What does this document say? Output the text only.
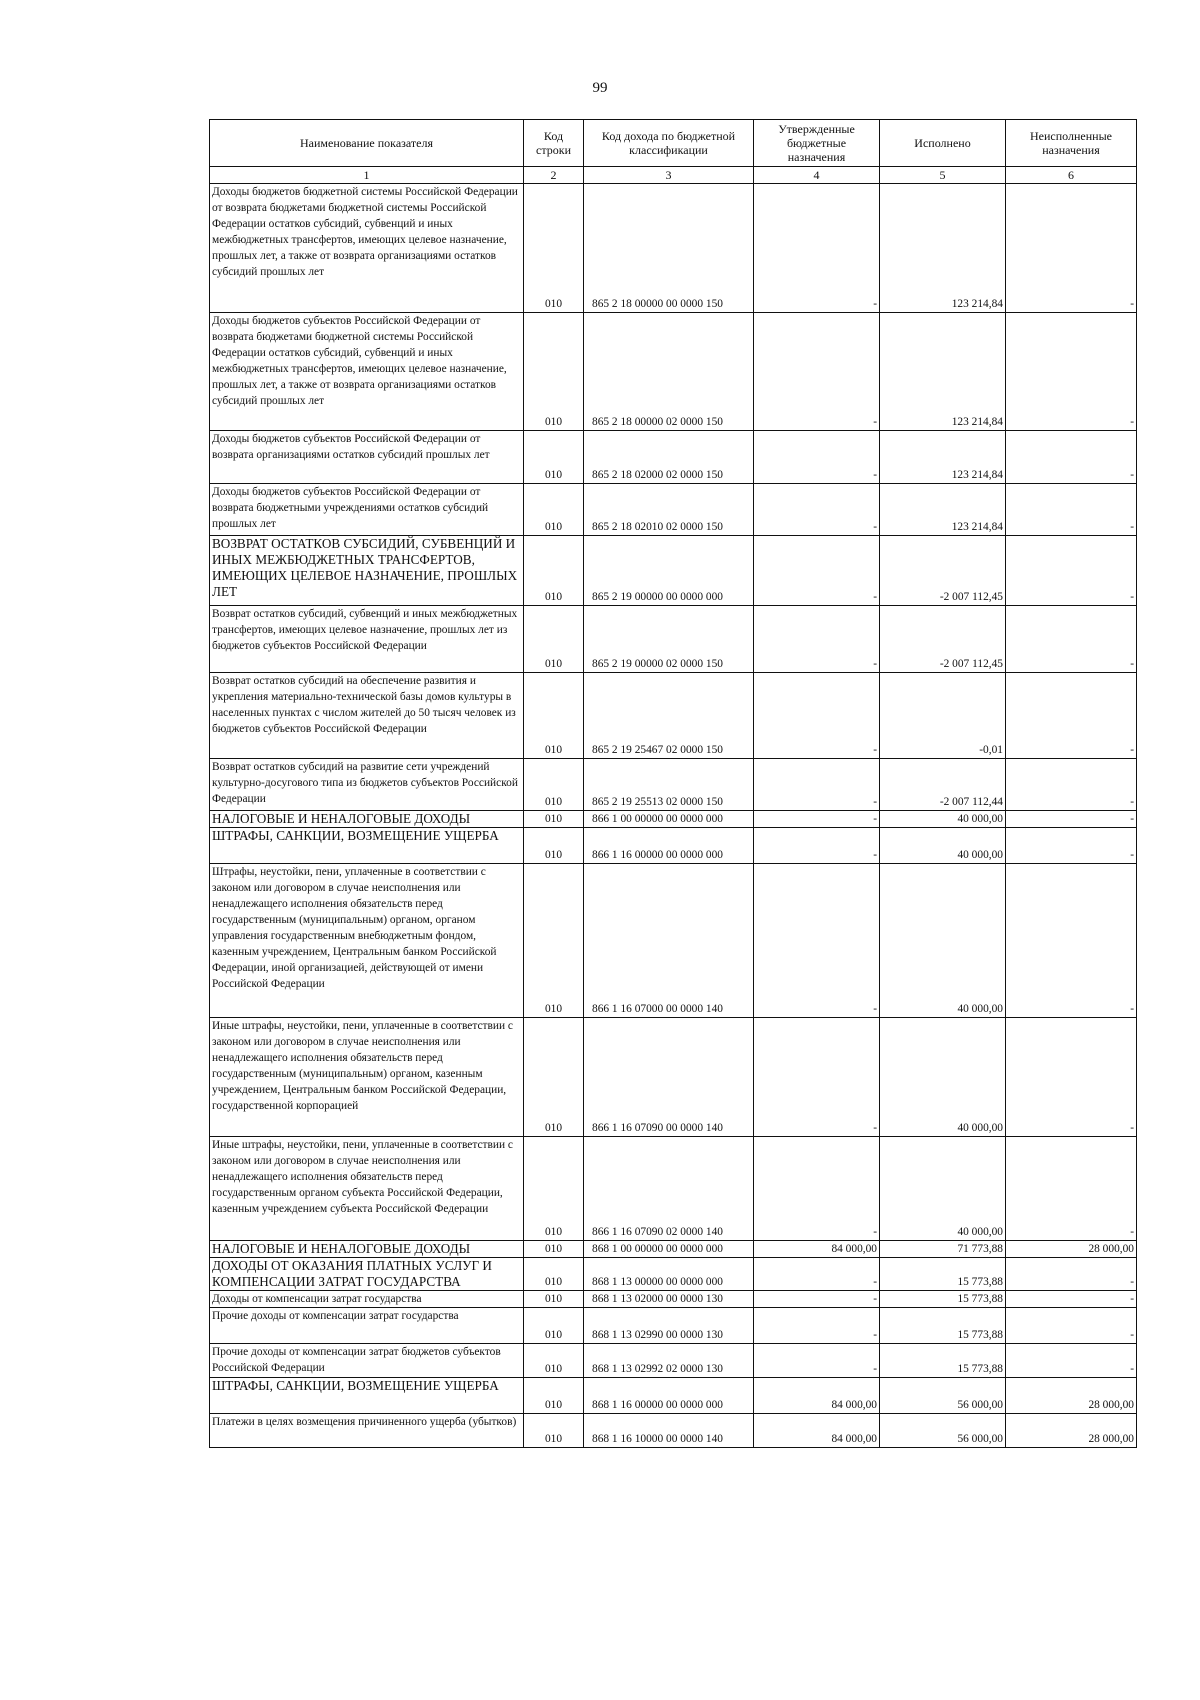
99
Наименование показателя	Код строки	Код дохода по бюджетной классификации	Утвержденные бюджетные назначения	Исполнено	Неисполненные назначения
1	2	3	4	5	6
Доходы бюджетов бюджетной системы Российской Федерации от возврата бюджетами бюджетной системы Российской Федерации остатков субсидий, субвенций и иных межбюджетных трансфертов, имеющих целевое назначение, прошлых лет, а также от возврата организациями остатков субсидий прошлых лет	010	865 2 18 00000 00 0000 150	-	123 214,84	-
Доходы бюджетов субъектов Российской Федерации от возврата бюджетами бюджетной системы Российской Федерации остатков субсидий, субвенций и иных межбюджетных трансфертов, имеющих целевое назначение, прошлых лет, а также от возврата организациями остатков субсидий прошлых лет	010	865 2 18 00000 02 0000 150	-	123 214,84	-
Доходы бюджетов субъектов Российской Федерации от возврата организациями остатков субсидий прошлых лет	010	865 2 18 02000 02 0000 150	-	123 214,84	-
Доходы бюджетов субъектов Российской Федерации от возврата бюджетными учреждениями остатков субсидий прошлых лет	010	865 2 18 02010 02 0000 150	-	123 214,84	-
ВОЗВРАТ ОСТАТКОВ СУБСИДИЙ, СУБВЕНЦИЙ И ИНЫХ МЕЖБЮДЖЕТНЫХ ТРАНСФЕРТОВ, ИМЕЮЩИХ ЦЕЛЕВОЕ НАЗНАЧЕНИЕ, ПРОШЛЫХ ЛЕТ	010	865 2 19 00000 00 0000 000	-	-2 007 112,45	-
Возврат остатков субсидий, субвенций и иных межбюджетных трансфертов, имеющих целевое назначение, прошлых лет из бюджетов субъектов Российской Федерации	010	865 2 19 00000 02 0000 150	-	-2 007 112,45	-
Возврат остатков субсидий на обеспечение развития и укрепления материально-технической базы домов культуры в населенных пунктах с числом жителей до 50 тысяч человек из бюджетов субъектов Российской Федерации	010	865 2 19 25467 02 0000 150	-	-0,01	-
Возврат остатков субсидий на развитие сети учреждений культурно-досугового типа из бюджетов субъектов Российской Федерации	010	865 2 19 25513 02 0000 150	-	-2 007 112,44	-
НАЛОГОВЫЕ И НЕНАЛОГОВЫЕ ДОХОДЫ	010	866 1 00 00000 00 0000 000	-	40 000,00	-
ШТРАФЫ, САНКЦИИ, ВОЗМЕЩЕНИЕ УЩЕРБА	010	866 1 16 00000 00 0000 000	-	40 000,00	-
Штрафы, неустойки, пени, уплаченные в соответствии с законом или договором в случае неисполнения или ненадлежащего исполнения обязательств перед государственным (муниципальным) органом, органом управления государственным внебюджетным фондом, казенным учреждением, Центральным банком Российской Федерации, иной организацией, действующей от имени Российской Федерации	010	866 1 16 07000 00 0000 140	-	40 000,00	-
Иные штрафы, неустойки, пени, уплаченные в соответствии с законом или договором в случае неисполнения или ненадлежащего исполнения обязательств перед государственным (муниципальным) органом, казенным учреждением, Центральным банком Российской Федерации, государственной корпорацией	010	866 1 16 07090 00 0000 140	-	40 000,00	-
Иные штрафы, неустойки, пени, уплаченные в соответствии с законом или договором в случае неисполнения или ненадлежащего исполнения обязательств перед государственным органом субъекта Российской Федерации, казенным учреждением субъекта Российской Федерации	010	866 1 16 07090 02 0000 140	-	40 000,00	-
НАЛОГОВЫЕ И НЕНАЛОГОВЫЕ ДОХОДЫ	010	868 1 00 00000 00 0000 000	84 000,00	71 773,88	28 000,00
ДОХОДЫ ОТ ОКАЗАНИЯ ПЛАТНЫХ УСЛУГ И КОМПЕНСАЦИИ ЗАТРАТ ГОСУДАРСТВА	010	868 1 13 00000 00 0000 000	-	15 773,88	-
Доходы от компенсации затрат государства	010	868 1 13 02000 00 0000 130	-	15 773,88	-
Прочие доходы от компенсации затрат государства	010	868 1 13 02990 00 0000 130	-	15 773,88	-
Прочие доходы от компенсации затрат бюджетов субъектов Российской Федерации	010	868 1 13 02992 02 0000 130	-	15 773,88	-
ШТРАФЫ, САНКЦИИ, ВОЗМЕЩЕНИЕ УЩЕРБА	010	868 1 16 00000 00 0000 000	84 000,00	56 000,00	28 000,00
Платежи в целях возмещения причиненного ущерба (убытков)	010	868 1 16 10000 00 0000 140	84 000,00	56 000,00	28 000,00
